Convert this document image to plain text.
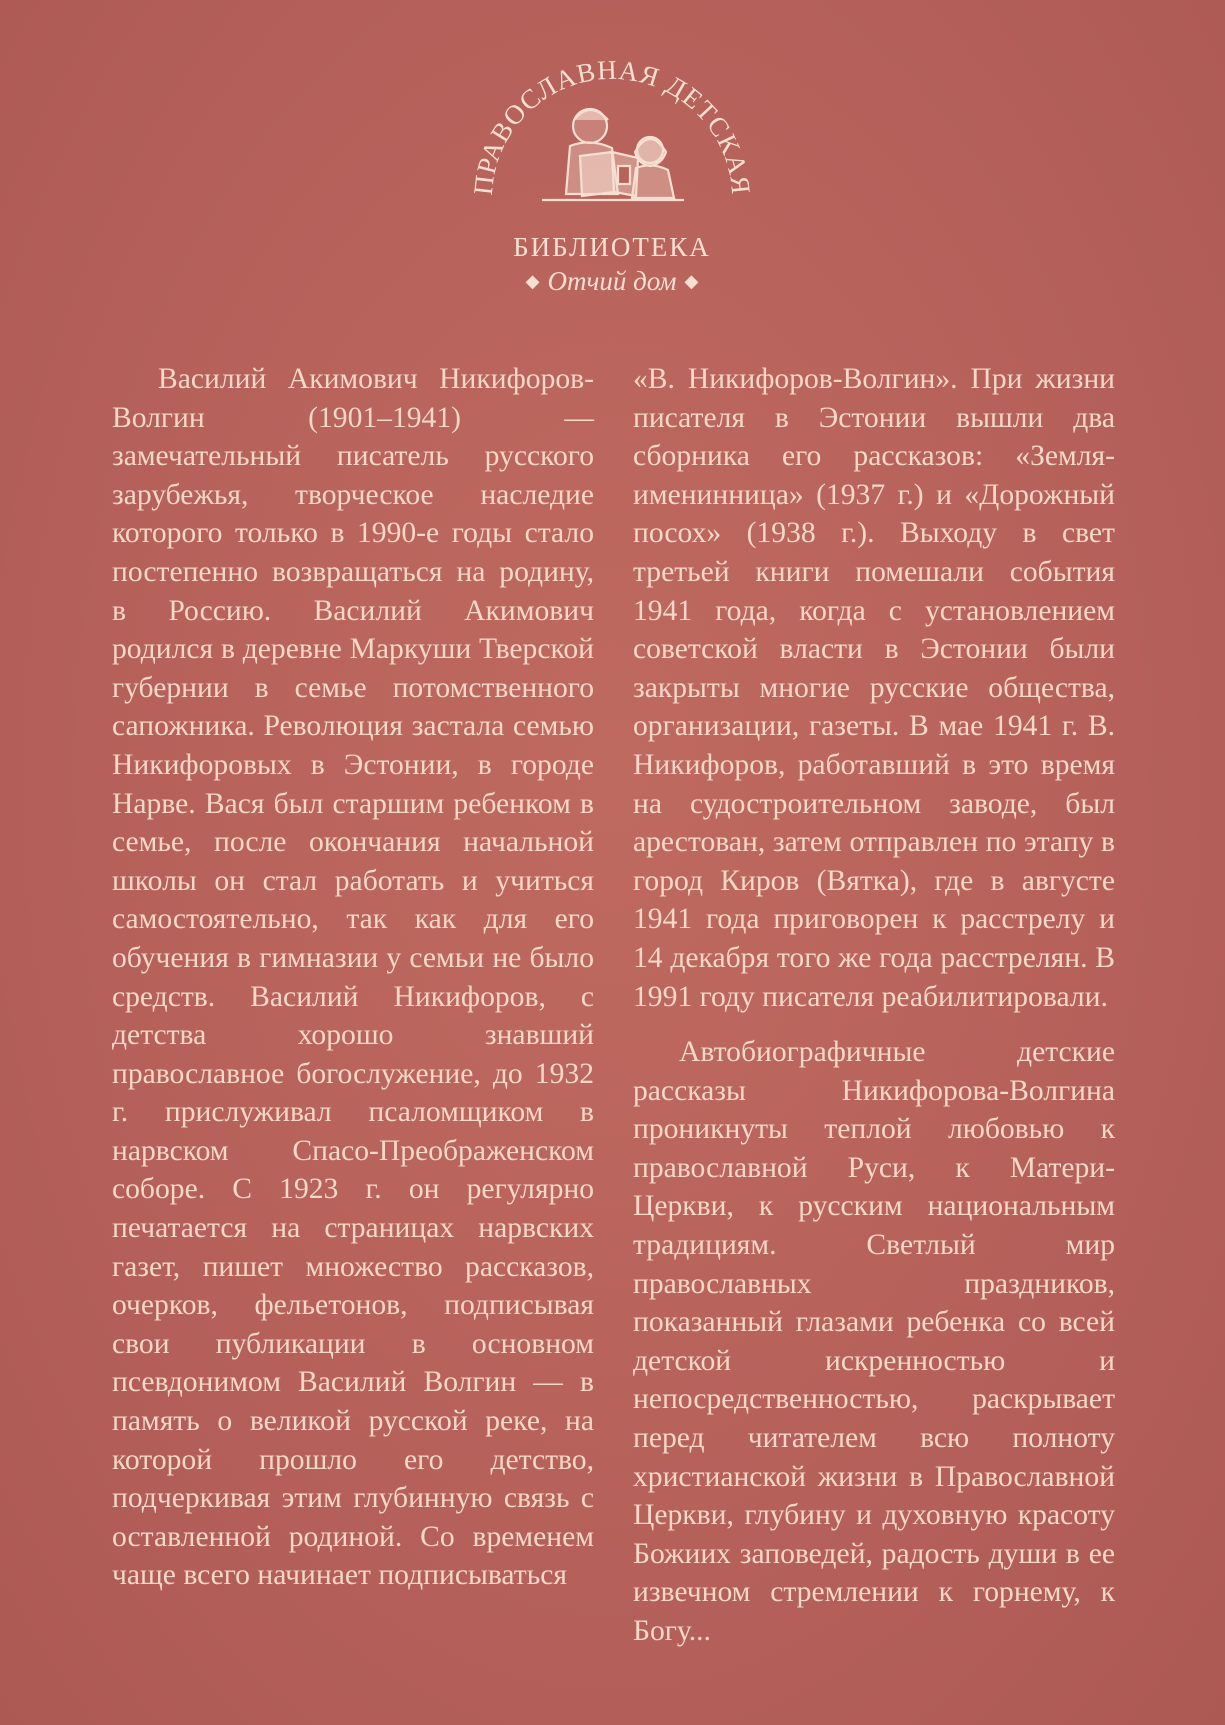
ПРАВОСЛАВНАЯ ДЕТСКАЯ
БИБЛИОТЕКА
◆ Отчий дом ◆

Василий Акимович Никифоров-Волгин (1901–1941) — замечательный писатель русского зарубежья, творческое наследие которого только в 1990-е годы стало постепенно возвращаться на родину, в Россию. Василий Акимович родился в деревне Маркуши Тверской губернии в семье потомственного сапожника. Революция застала семью Никифоровых в Эстонии, в городе Нарве. Вася был старшим ребенком в семье, после окончания начальной школы он стал работать и учиться самостоятельно, так как для его обучения в гимназии у семьи не было средств. Василий Никифоров, с детства хорошо знавший православное богослужение, до 1932 г. прислуживал псаломщиком в нарвском Спасо-Преображенском соборе. С 1923 г. он регулярно печатается на страницах нарвских газет, пишет множество рассказов, очерков, фельетонов, подписывая свои публикации в основном псевдонимом Василий Волгин — в память о великой русской реке, на которой прошло его детство, подчеркивая этим глубинную связь с оставленной родиной. Со временем чаще всего начинает подписываться

«В. Никифоров-Волгин». При жизни писателя в Эстонии вышли два сборника его рассказов: «Земля-именинница» (1937 г.) и «Дорожный посох» (1938 г.). Выходу в свет третьей книги помешали события 1941 года, когда с установлением советской власти в Эстонии были закрыты многие русские общества, организации, газеты. В мае 1941 г. В. Никифоров, работавший в это время на судостроительном заводе, был арестован, затем отправлен по этапу в город Киров (Вятка), где в августе 1941 года приговорен к расстрелу и 14 декабря того же года расстрелян. В 1991 году писателя реабилитировали.

Автобиографичные детские рассказы Никифорова-Волгина проникнуты теплой любовью к православной Руси, к Матери-Церкви, к русским национальным традициям. Светлый мир православных праздников, показанный глазами ребенка со всей детской искренностью и непосредственностью, раскрывает перед читателем всю полноту христианской жизни в Православной Церкви, глубину и духовную красоту Божиих заповедей, радость души в ее извечном стремлении к горнему, к Богу...
